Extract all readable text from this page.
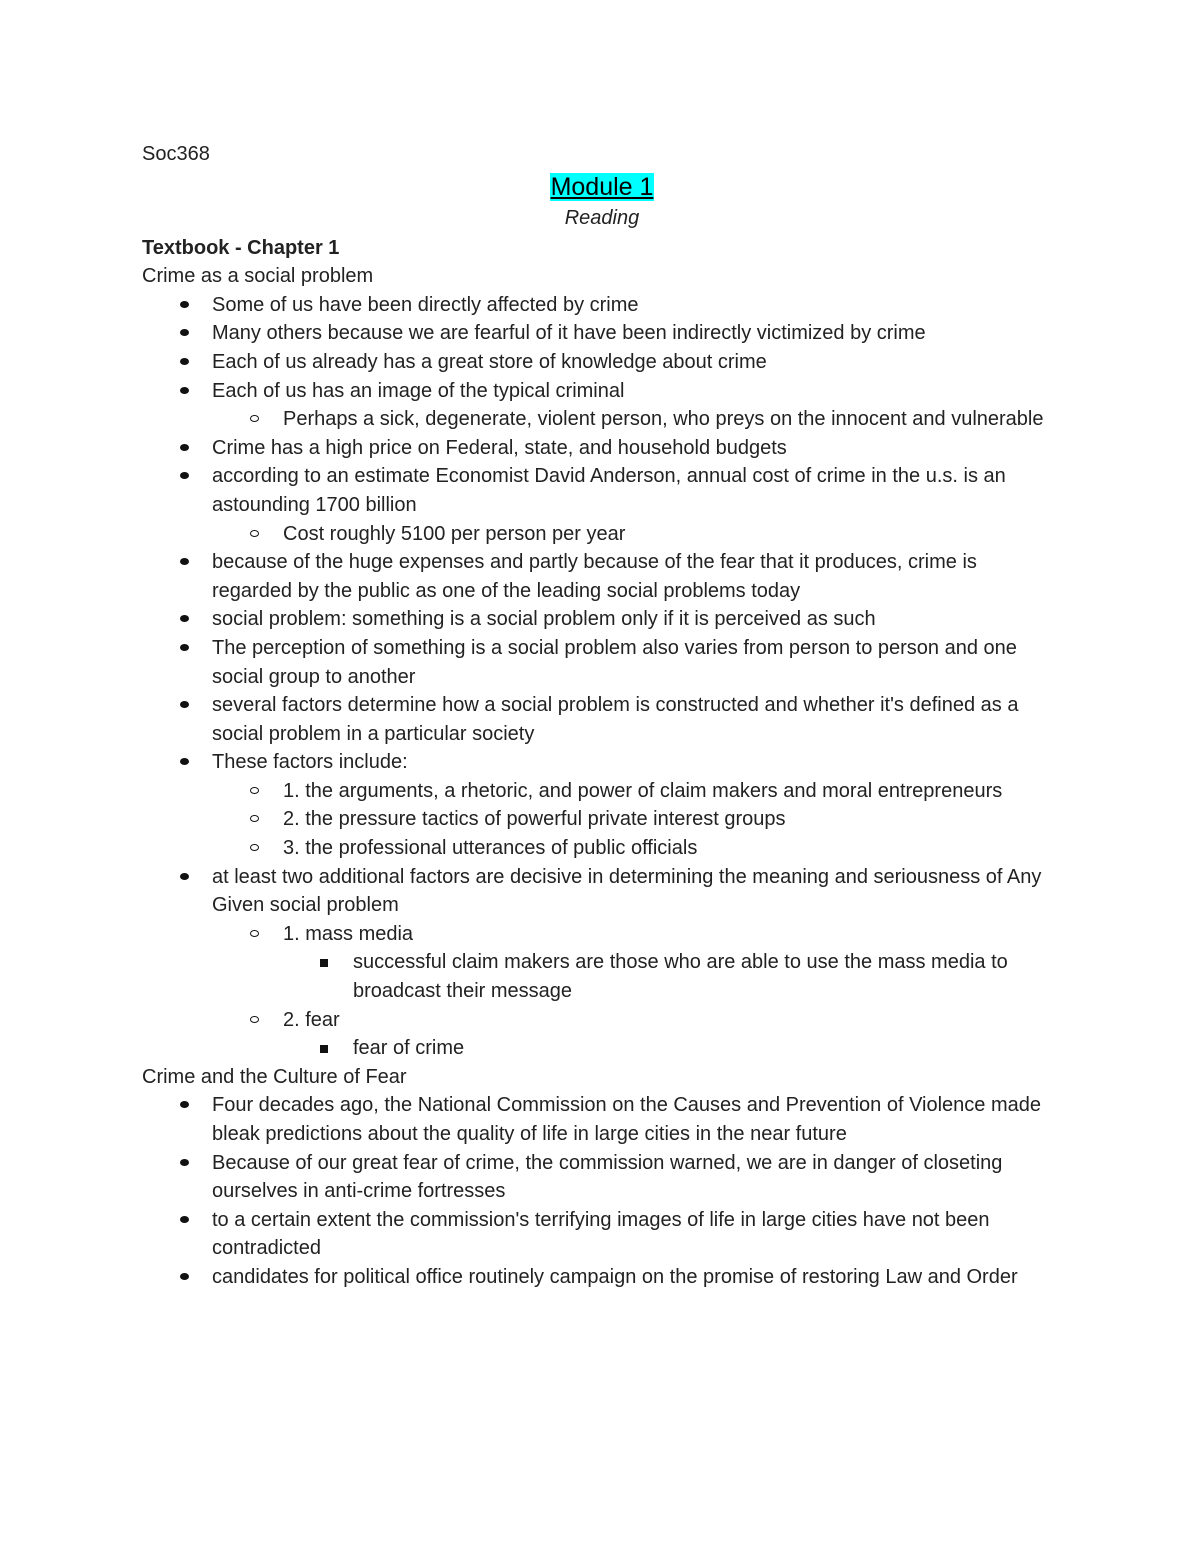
Soc368

Module 1

Reading

Textbook - Chapter 1

Crime as a social problem

Some of us have been directly affected by crime
Many others because we are fearful of it have been indirectly victimized by crime
Each of us already has a great store of knowledge about crime
Each of us has an image of the typical criminal
Perhaps a sick, degenerate, violent person, who preys on the innocent and vulnerable
Crime has a high price on Federal, state, and household budgets
according to an estimate Economist David Anderson, annual cost of crime in the u.s. is an astounding 1700 billion
Cost roughly 5100 per person per year
because of the huge expenses and partly because of the fear that it produces, crime is regarded by the public as one of the leading social problems today
social problem: something is a social problem only if it is perceived as such
The perception of something is a social problem also varies from person to person and one social group to another
several factors determine how a social problem is constructed and whether it's defined as a social problem in a particular society
These factors include:
1. the arguments, a rhetoric, and power of claim makers and moral entrepreneurs
2. the pressure tactics of powerful private interest groups
3. the professional utterances of public officials
at least two additional factors are decisive in determining the meaning and seriousness of Any Given social problem
1. mass media
successful claim makers are those who are able to use the mass media to broadcast their message
2. fear
fear of crime

Crime and the Culture of Fear

Four decades ago, the National Commission on the Causes and Prevention of Violence made bleak predictions about the quality of life in large cities in the near future
Because of our great fear of crime, the commission warned, we are in danger of closeting ourselves in anti-crime fortresses
to a certain extent the commission's terrifying images of life in large cities have not been contradicted
candidates for political office routinely campaign on the promise of restoring Law and Order
